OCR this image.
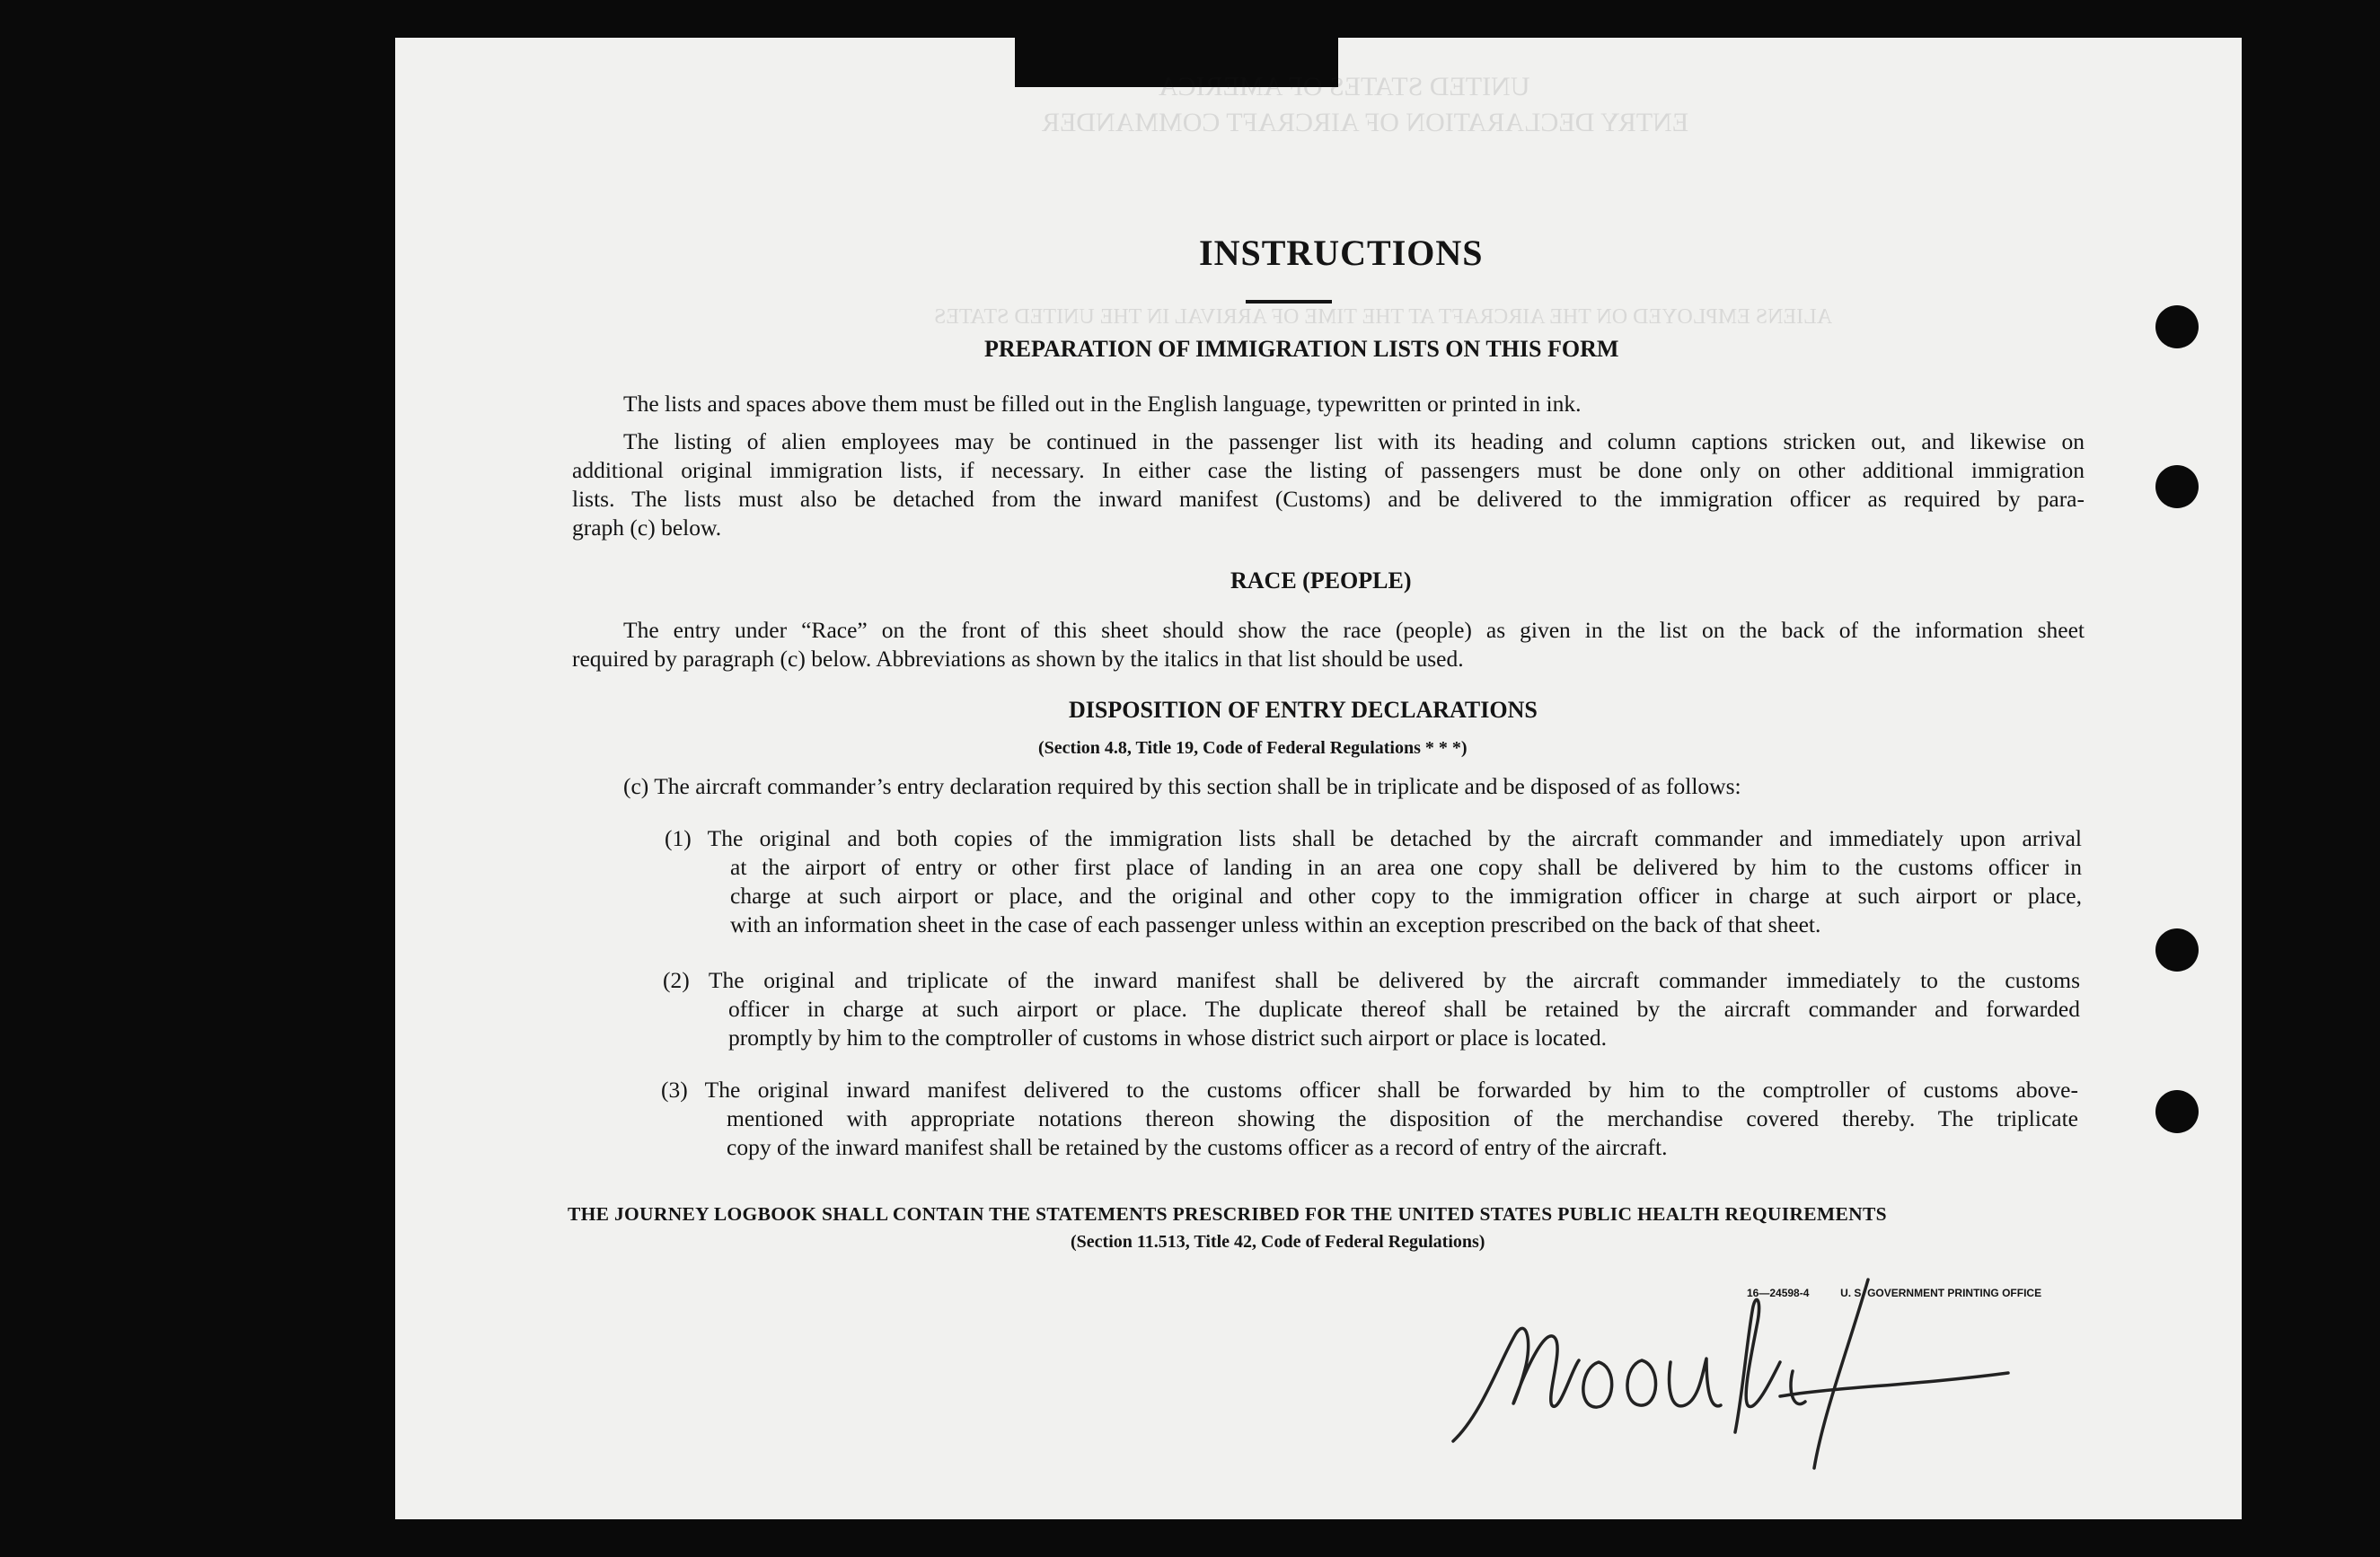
UNITED STATES OF AMERICA
ENTRY DECLARATION OF AIRCRAFT COMMANDER
ALIENS EMPLOYED ON THE AIRCRAFT AT THE TIME OF ARRIVAL IN THE UNITED STATES
INSTRUCTIONS
PREPARATION OF IMMIGRATION LISTS ON THIS FORM
The lists and spaces above them must be filled out in the English language, typewritten or printed in ink.
The listing of alien employees may be continued in the passenger list with its heading and column captions stricken out, and likewise on
additional original immigration lists, if necessary. In either case the listing of passengers must be done only on other additional immigration
lists. The lists must also be detached from the inward manifest (Customs) and be delivered to the immigration officer as required by para-
graph (c) below.
RACE (PEOPLE)
The entry under “Race” on the front of this sheet should show the race (people) as given in the list on the back of the information sheet
required by paragraph (c) below. Abbreviations as shown by the italics in that list should be used.
DISPOSITION OF ENTRY DECLARATIONS
(Section 4.8, Title 19, Code of Federal Regulations * * *)
(c) The aircraft commander’s entry declaration required by this section shall be in triplicate and be disposed of as follows:
(1) The original and both copies of the immigration lists shall be detached by the aircraft commander and immediately upon arrival
at the airport of entry or other first place of landing in an area one copy shall be delivered by him to the customs officer in
charge at such airport or place, and the original and other copy to the immigration officer in charge at such airport or place,
with an information sheet in the case of each passenger unless within an exception prescribed on the back of that sheet.
(2) The original and triplicate of the inward manifest shall be delivered by the aircraft commander immediately to the customs
officer in charge at such airport or place. The duplicate thereof shall be retained by the aircraft commander and forwarded
promptly by him to the comptroller of customs in whose district such airport or place is located.
(3) The original inward manifest delivered to the customs officer shall be forwarded by him to the comptroller of customs above-
mentioned with appropriate notations thereon showing the disposition of the merchandise covered thereby. The triplicate
copy of the inward manifest shall be retained by the customs officer as a record of entry of the aircraft.
THE JOURNEY LOGBOOK SHALL CONTAIN THE STATEMENTS PRESCRIBED FOR THE UNITED STATES PUBLIC HEALTH REQUIREMENTS
(Section 11.513, Title 42, Code of Federal Regulations)
16—24598-4	U. S. GOVERNMENT PRINTING OFFICE
